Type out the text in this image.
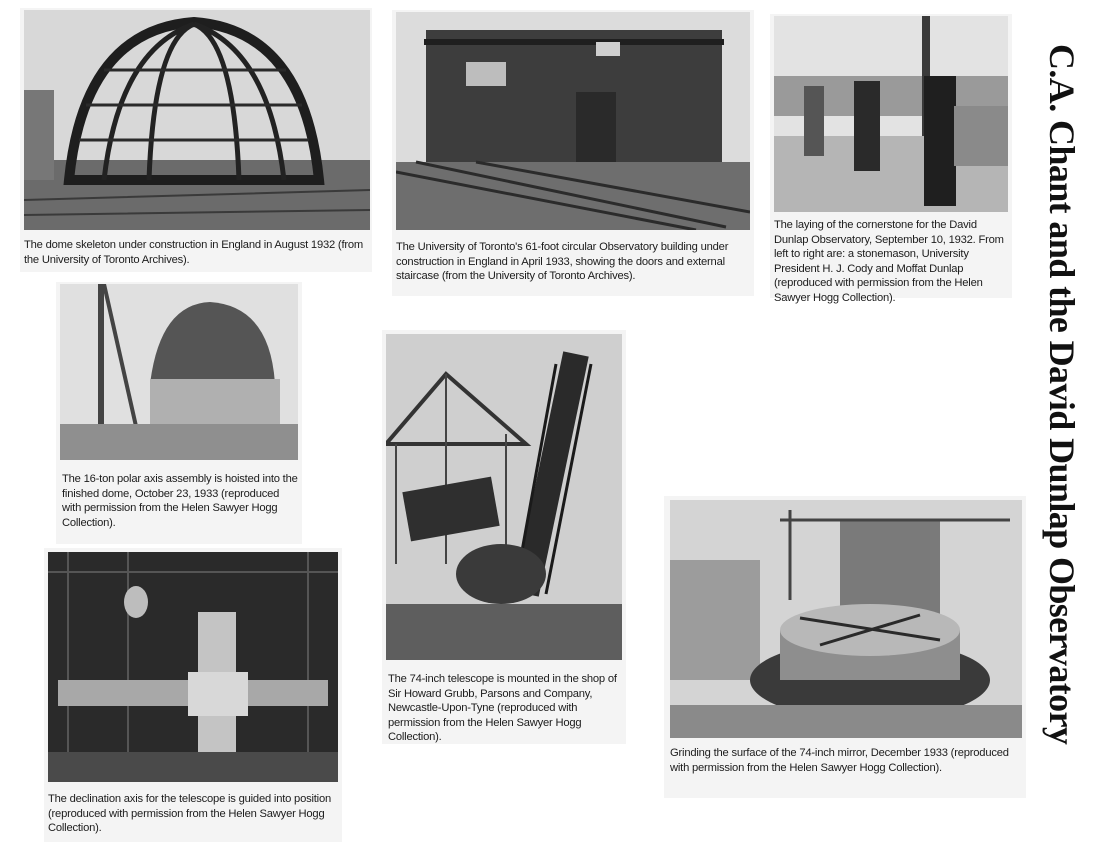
C.A. Chant and the David Dunlap Observatory
The dome skeleton under construction in England in August 1932 (from the University of Toronto Archives).
The University of Toronto's 61-foot circular Observatory building under construction in England in April 1933, showing the doors and external staircase (from the University of Toronto Archives).
The laying of the cornerstone for the David Dunlap Observatory, September 10, 1932. From left to right are: a stonemason, University President H. J. Cody and Moffat Dunlap (reproduced with permission from the Helen Sawyer Hogg Collection).
The 16-ton polar axis assembly is hoisted into the finished dome, October 23, 1933 (reproduced with permission from the Helen Sawyer Hogg Collection).
The 74-inch telescope is mounted in the shop of Sir Howard Grubb, Parsons and Company, Newcastle-Upon-Tyne (reproduced with permission from the Helen Sawyer Hogg Collection).
The declination axis for the telescope is guided into position (reproduced with permission from the Helen Sawyer Hogg Collection).
Grinding the surface of the 74-inch mirror, December 1933 (reproduced with permission from the Helen Sawyer Hogg Collection).
